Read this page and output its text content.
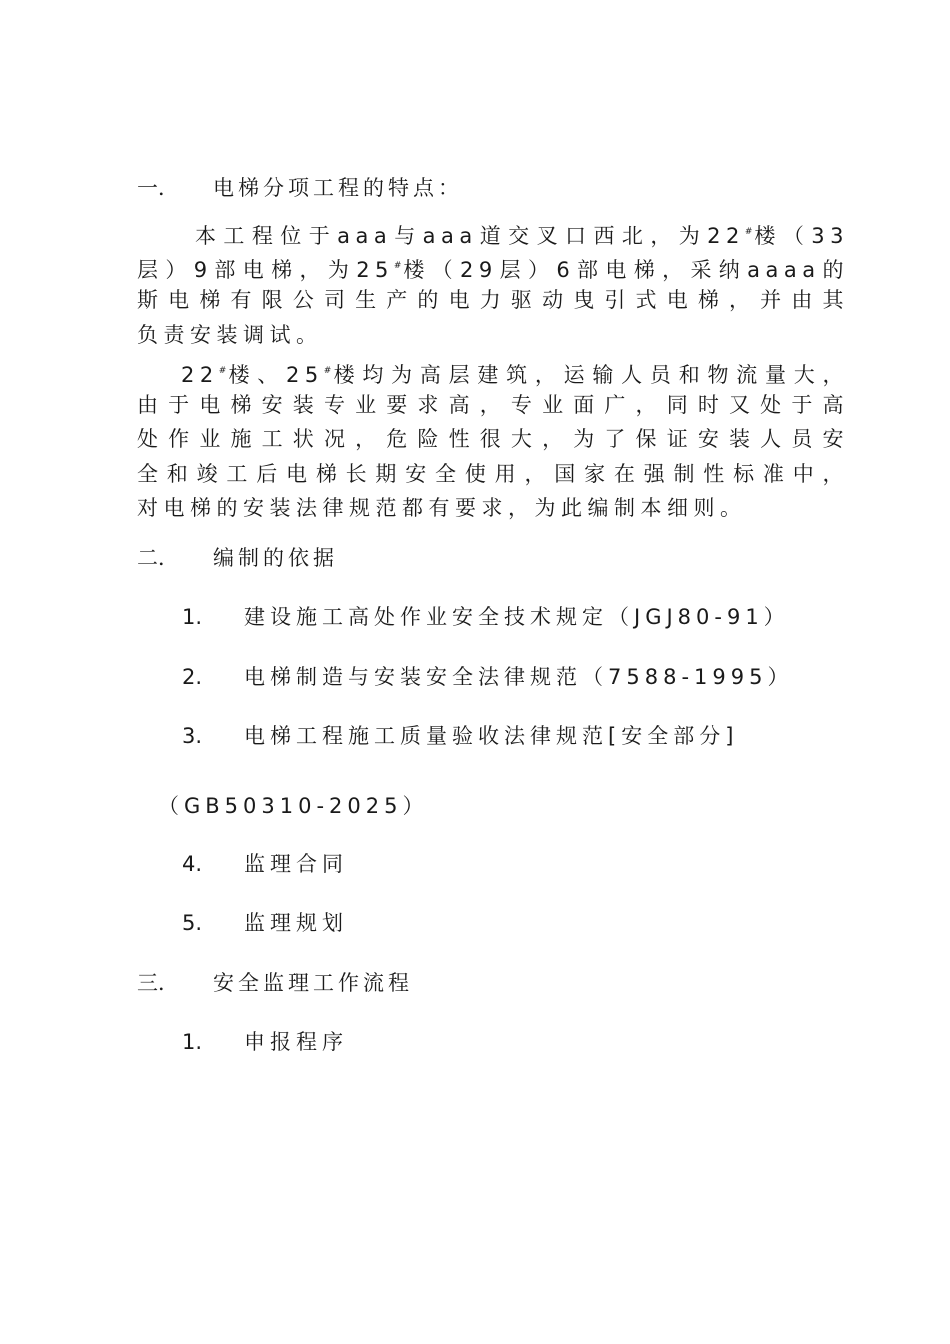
一． 电梯分项工程的特点：
本工程位于aaa与aaa道交叉口西北，为22#楼（33
层）9部电梯，为25#楼（29层）6部电梯，采纳aaaa的
斯电梯有限公司生产的电力驱动曳引式电梯，并由其
负责安装调试。
22#楼、25#楼均为高层建筑，运输人员和物流量大，
由于电梯安装专业要求高，专业面广，同时又处于高
处作业施工状况，危险性很大，为了保证安装人员安
全和竣工后电梯长期安全使用，国家在强制性标准中，
对电梯的安装法律规范都有要求，为此编制本细则。
二． 编制的依据
1. 建设施工高处作业安全技术规定（JGJ80-91）
2. 电梯制造与安装安全法律规范（7588-1995）
3. 电梯工程施工质量验收法律规范[安全部分]
（GB50310-2025）
4. 监理合同
5. 监理规划
三． 安全监理工作流程
1. 申报程序
